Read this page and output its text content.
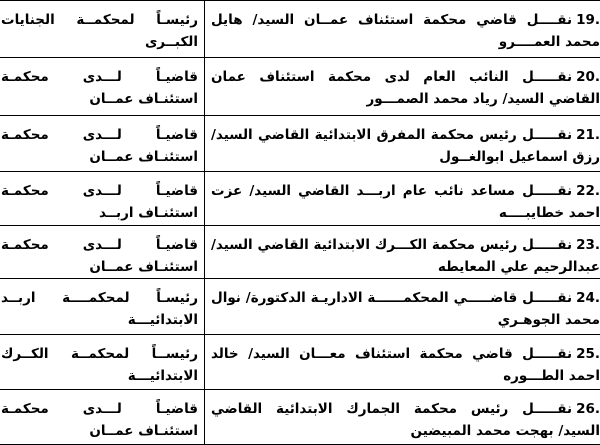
.19نقــــل قاضي محكمة استئناف عمــان السيد/ هايل محمد العمــــرو	رئيسـاً لمحكمــة الجنايات الكبــرى
.20نقـــــل النائب العام لدى محكمة استئناف عمان القاضي السيد/ رياد محمد الصمـــور	قاضيـاً لـــدى محكمـة استئنـاف عمــان
.21نقـــــل رئيس محكمة المفرق الابتدائية القاضي السيد/ رزق اسماعيل ابوالغــول	قاضيـاً لـــدى محكمـة استئنـاف عمــان
.22نقـــــل مساعد نائب عام اربـــد القاضي السيد/ عزت احمد خطايبــــه	قاضيـاً لـــدى محكمـة استئنـاف اربــد
.23نقـــــل رئيس محكمة الكـــرك الابتدائية القاضي السيد/ عبدالرحيم علي المعايطه	قاضيـاً لـــدى محكمـة استئنـاف عمــان
.24نقـــــل قاضـــــي المحكمــــــة الاداريـة الدكتورة/ نوال محمد الجوهـري	رئيسـاً لمحكمــــة اربــد الابتدائيـــة
.25نقـــــل قاضي محكمة استئناف معـــان السيد/ خالد احمد الطـــوره	رئيســاً لمحكمــة الكــرك الابتدائيـــة
.26نقـــــل رئيس محكمة الجمارك الابتدائية القاضي السيد/ بهجت محمد المبيضين	قاضيـاً لـــدى محكمـة استئنـاف عمــان
